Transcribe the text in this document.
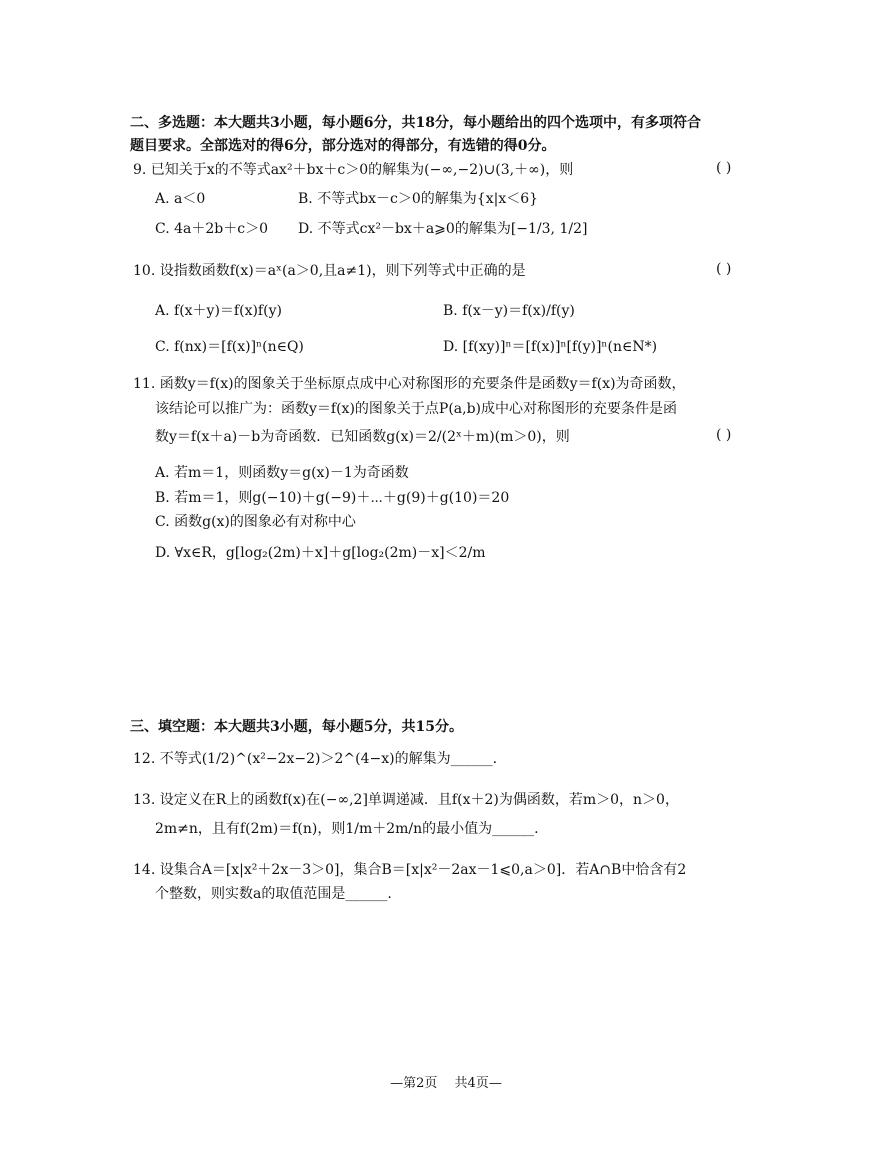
二、多选题：本大题共3小题，每小题6分，共18分，每小题给出的四个选项中，有多项符合
题目要求。全部选对的得6分，部分选对的得部分，有选错的得0分。
9. 已知关于x的不等式ax²＋bx＋c＞0的解集为(−∞,−2)∪(3,＋∞)，则	( )
A. a＜0	B. 不等式bx－c＞0的解集为{x|x＜6}
C. 4a＋2b＋c＞0 D. 不等式cx²－bx＋a⩾0的解集为[−1/3, 1/2]
10. 设指数函数f(x)＝aˣ(a＞0,且a≠1)，则下列等式中正确的是	( )
A. f(x＋y)＝f(x)f(y)	B. f(x－y)＝f(x)/f(y)
C. f(nx)＝[f(x)]ⁿ(n∈Q)	D. [f(xy)]ⁿ＝[f(x)]ⁿ[f(y)]ⁿ(n∈N*)
11. 函数y＝f(x)的图象关于坐标原点成中心对称图形的充要条件是函数y＝f(x)为奇函数，
该结论可以推广为：函数y＝f(x)的图象关于点P(a,b)成中心对称图形的充要条件是函
数y＝f(x＋a)－b为奇函数．已知函数g(x)＝2/(2ˣ＋m)(m＞0)，则	( )
A. 若m＝1，则函数y＝g(x)－1为奇函数
B. 若m＝1，则g(−10)＋g(−9)＋⋯＋g(9)＋g(10)＝20
C. 函数g(x)的图象必有对称中心
D. ∀x∈R，g[log₂(2m)＋x]＋g[log₂(2m)－x]＜2/m
三、填空题：本大题共3小题，每小题5分，共15分。
12. 不等式(1/2)^(x²−2x−2)＞2^(4−x)的解集为______.
13. 设定义在R上的函数f(x)在(−∞,2]单调递减．且f(x＋2)为偶函数，若m＞0，n＞0，
2m≠n，且有f(2m)＝f(n)，则1/m＋2m/n的最小值为______.
14. 设集合A＝[x|x²＋2x－3＞0]，集合B＝[x|x²－2ax－1⩽0,a＞0]．若A∩B中恰含有2
个整数，则实数a的取值范围是______.
—第2页　 共4页—
